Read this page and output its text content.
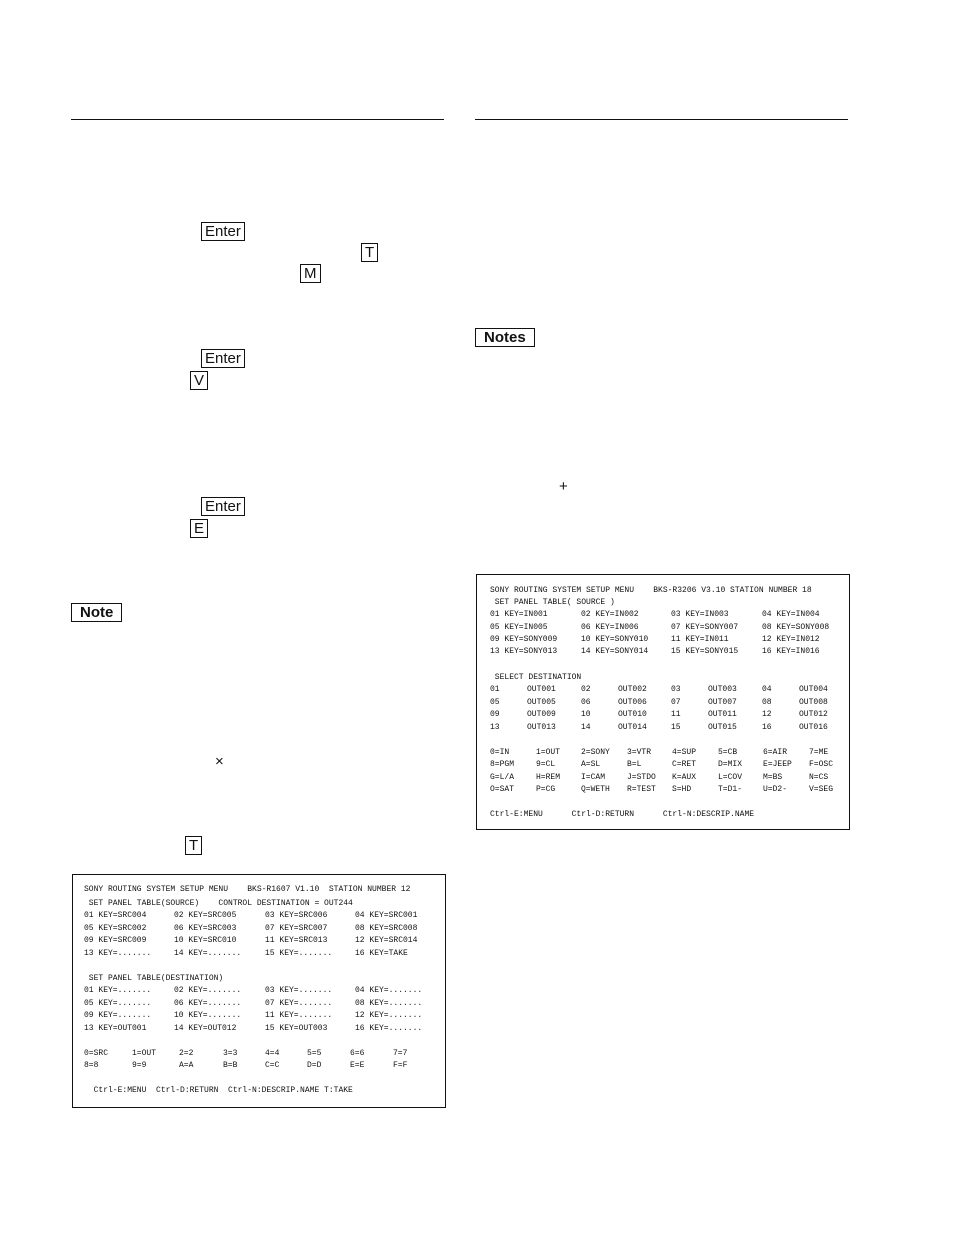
Enter
T
M
Enter
V
Enter
E
Note
×
T
Notes
+
SONY ROUTING SYSTEM SETUP MENU    BKS-R1607 V1.10  STATION NUMBER 12
SET PANEL TABLE(SOURCE)    CONTROL DESTINATION = OUT244
01 KEY=SRC004	02 KEY=SRC005	03 KEY=SRC006	04 KEY=SRC001
05 KEY=SRC002	06 KEY=SRC003	07 KEY=SRC007	08 KEY=SRC008
09 KEY=SRC009	10 KEY=SRC010	11 KEY=SRC013	12 KEY=SRC014
13 KEY=.......	14 KEY=.......	15 KEY=.......	16 KEY=TAKE
SET PANEL TABLE(DESTINATION)
01 KEY=.......	02 KEY=.......	03 KEY=.......	04 KEY=.......
05 KEY=.......	06 KEY=.......	07 KEY=.......	08 KEY=.......
09 KEY=.......	10 KEY=.......	11 KEY=.......	12 KEY=.......
13 KEY=OUT001	14 KEY=OUT012	15 KEY=OUT003	16 KEY=.......
0=SRC	1=OUT	2=2	3=3	4=4	5=5	6=6	7=7
8=8	9=9	A=A	B=B	C=C	D=D	E=E	F=F
Ctrl-E:MENU  Ctrl-D:RETURN  Ctrl-N:DESCRIP.NAME T:TAKE
SONY ROUTING SYSTEM SETUP MENU    BKS-R3206 V3.10 STATION NUMBER 18
SET PANEL TABLE( SOURCE )
01 KEY=IN001	02 KEY=IN002	03 KEY=IN003	04 KEY=IN004
05 KEY=IN005	06 KEY=IN006	07 KEY=SONY007	08 KEY=SONY008
09 KEY=SONY009	10 KEY=SONY010	11 KEY=IN011	12 KEY=IN012
13 KEY=SONY013	14 KEY=SONY014	15 KEY=SONY015	16 KEY=IN016
SELECT DESTINATION
01	OUT001	02	OUT002	03	OUT003	04	OUT004
05	OUT005	06	OUT006	07	OUT007	08	OUT008
09	OUT009	10	OUT010	11	OUT011	12	OUT012
13	OUT013	14	OUT014	15	OUT015	16	OUT016
0=IN	1=OUT	2=SONY 3=VTR	4=SUP	5=CB	6=AIR	7=ME
8=PGM	9=CL	A=SL	B=L	C=RET	D=MIX	E=JEEP F=OSC
G=L/A	H=REM	I=CAM	J=STDO K=AUX	L=COV	M=BS	N=CS
O=SAT	P=CG	Q=WETH R=TEST S=HD	T=D1-	U=D2-	V=SEG
Ctrl-E:MENU      Ctrl-D:RETURN      Ctrl-N:DESCRIP.NAME
